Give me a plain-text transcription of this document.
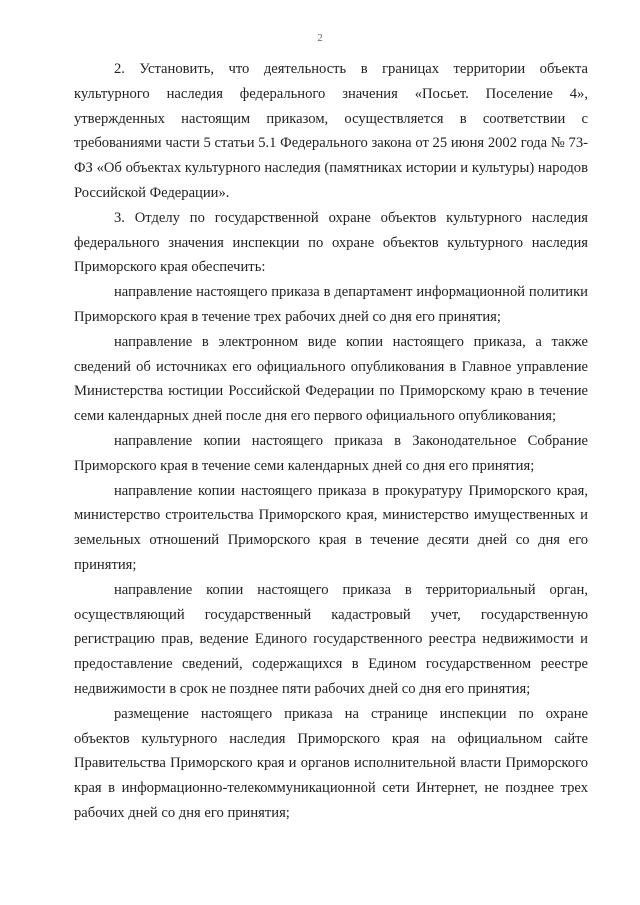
2

2. Установить, что деятельность в границах территории объекта культурного наследия федерального значения «Посьет. Поселение 4», утвержденных настоящим приказом, осуществляется в соответствии с требованиями части 5 статьи 5.1 Федерального закона от 25 июня 2002 года № 73-ФЗ «Об объектах культурного наследия (памятниках истории и культуры) народов Российской Федерации».

3. Отделу по государственной охране объектов культурного наследия федерального значения инспекции по охране объектов культурного наследия Приморского края обеспечить:

направление настоящего приказа в департамент информационной политики Приморского края в течение трех рабочих дней со дня его принятия;

направление в электронном виде копии настоящего приказа, а также сведений об источниках его официального опубликования в Главное управление Министерства юстиции Российской Федерации по Приморскому краю в течение семи календарных дней после дня его первого официального опубликования;

направление копии настоящего приказа в Законодательное Собрание Приморского края в течение семи календарных дней со дня его принятия;

направление копии настоящего приказа в прокуратуру Приморского края, министерство строительства Приморского края, министерство имущественных и земельных отношений Приморского края в течение десяти дней со дня его принятия;

направление копии настоящего приказа в территориальный орган, осуществляющий государственный кадастровый учет, государственную регистрацию прав, ведение Единого государственного реестра недвижимости и предоставление сведений, содержащихся в Едином государственном реестре недвижимости в срок не позднее пяти рабочих дней со дня его принятия;

размещение настоящего приказа на странице инспекции по охране объектов культурного наследия Приморского края на официальном сайте Правительства Приморского края и органов исполнительной власти Приморского края в информационно-телекоммуникационной сети Интернет, не позднее трех рабочих дней со дня его принятия;
